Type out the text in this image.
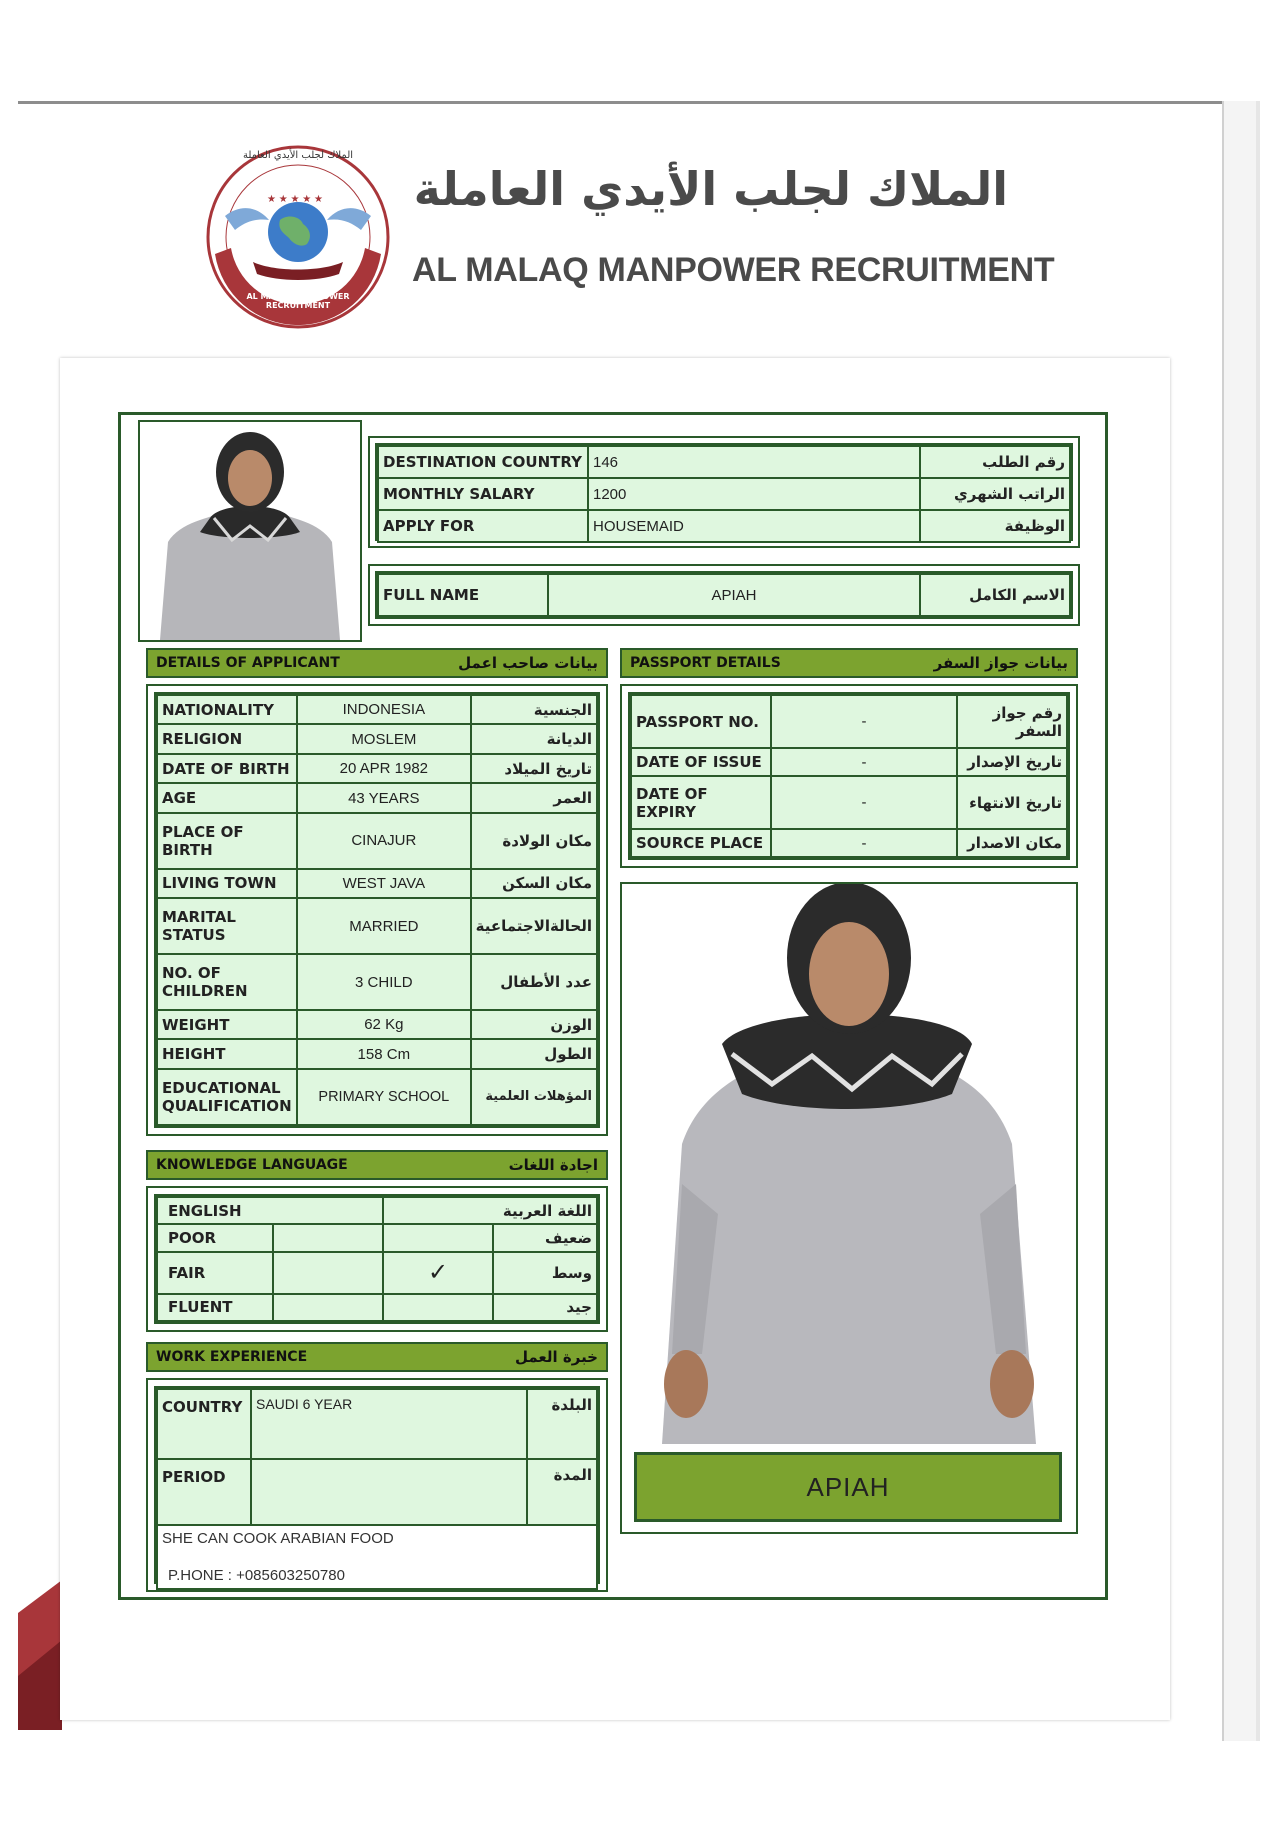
★ ★ ★ ★ ★
الملاك لجلب الأيدي العاملة
AL MALAQ MANPOWER RECRUITMENT
الملاك لجلب الأيدي العاملة
AL MALAQ MANPOWER RECRUITMENT
DESTINATION COUNTRY	146	رقم الطلب
MONTHLY SALARY	1200	الراتب الشهري
APPLY FOR	HOUSEMAID	الوظيفة
FULL NAME	APIAH	الاسم الكامل
DETAILS OF APPLICANT	بيانات صاحب اعمل
NATIONALITY	INDONESIA	الجنسية
RELIGION	MOSLEM	الديانة
DATE OF BIRTH	20 APR 1982	تاريخ الميلاد
AGE	43 YEARS	العمر
PLACE OF BIRTH	CINAJUR	مكان الولادة
LIVING TOWN	WEST JAVA	مكان السكن
MARITAL STATUS	MARRIED	الحالةالاجتماعية
NO. OF CHILDREN	3 CHILD	عدد الأطفال
WEIGHT	62 Kg	الوزن
HEIGHT	158 Cm	الطول
EDUCATIONAL QUALIFICATION	PRIMARY SCHOOL	المؤهلات العلمية
PASSPORT DETAILS	بيانات جواز السفر
PASSPORT NO.	-	رقم جواز السفر
DATE OF ISSUE	-	تاريخ الإصدار
DATE OF EXPIRY	-	تاريخ الانتهاء
SOURCE PLACE	-	مكان الاصدار
APIAH
KNOWLEDGE LANGUAGE	اجادة اللغات
ENGLISH		اللغة العربية	
POOR			ضعيف
FAIR		✓	وسط
FLUENT			جيد
WORK EXPERIENCE	خبرة العمل
COUNTRY	SAUDI 6 YEAR	البلدة
PERIOD		المدة

SHE CAN COOK ARABIAN FOOD
P.HONE : +085603250780		
